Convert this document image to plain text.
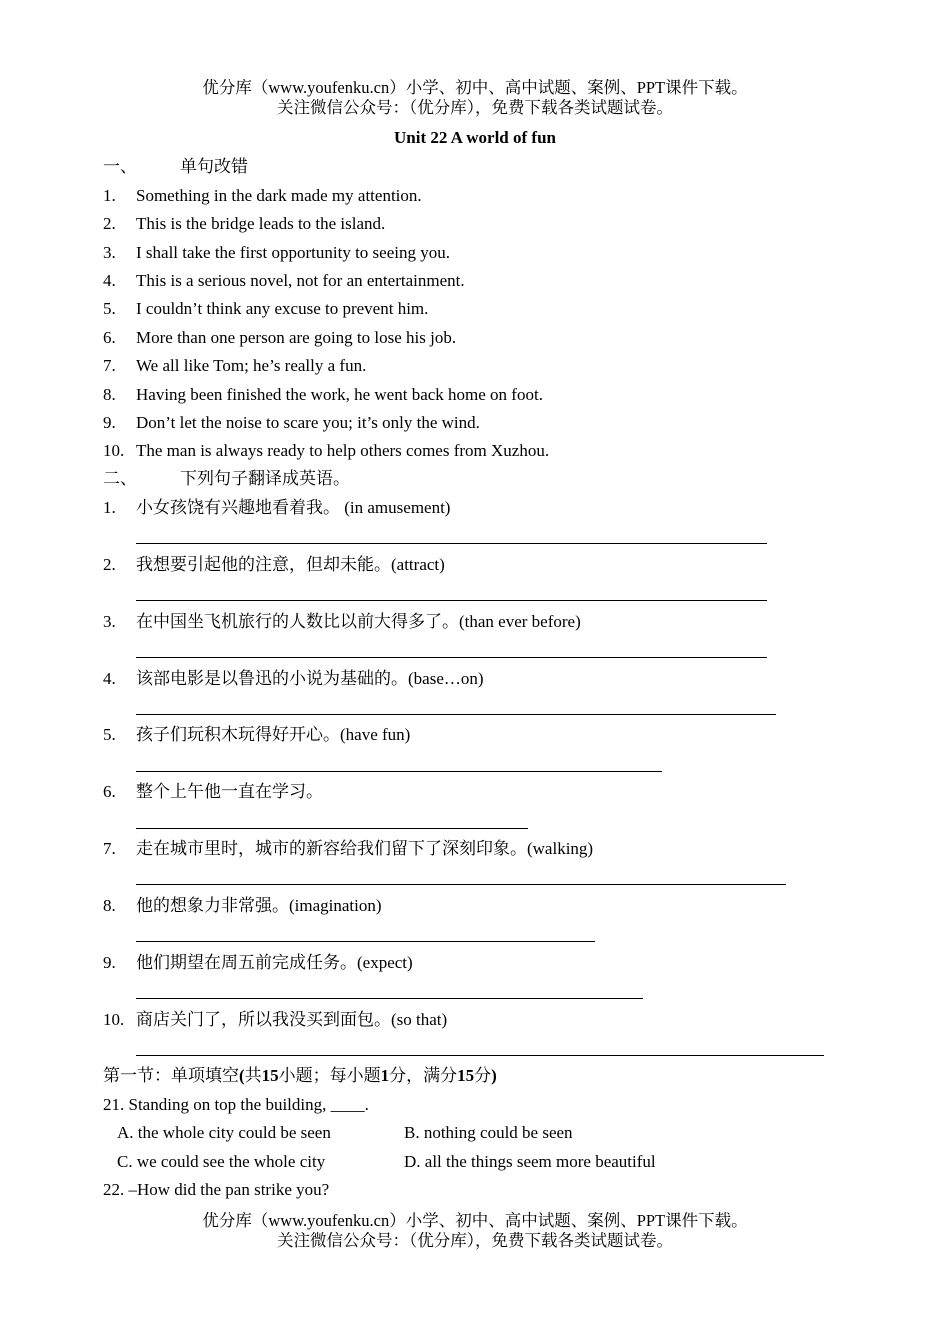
优分库（www.youfenku.cn）小学、初中、高中试题、案例、PPT课件下载。
关注微信公众号：（优分库），免费下载各类试题试卷。
Unit 22 A world of fun
一、	单句改错
1. Something in the dark made my attention.
2. This is the bridge leads to the island.
3. I shall take the first opportunity to seeing you.
4. This is a serious novel, not for an entertainment.
5. I couldn’t think any excuse to prevent him.
6. More than one person are going to lose his job.
7. We all like Tom; he’s really a fun.
8. Having been finished the work, he went back home on foot.
9. Don’t let the noise to scare you; it’s only the wind.
10. The man is always ready to help others comes from Xuzhou.
二、	下列句子翻译成英语。
1. 小女孩饶有兴趣地看着我。 (in amusement)
2. 我想要引起他的注意，但却未能。(attract)
3. 在中国坐飞机旅行的人数比以前大得多了。(than ever before)
4. 该部电影是以鲁迅的小说为基础的。(base…on)
5. 孩子们玩积木玩得好开心。(have fun)
6. 整个上午他一直在学习。
7. 走在城市里时，城市的新容给我们留下了深刻印象。(walking)
8. 他的想象力非常强。(imagination)
9. 他们期望在周五前完成任务。(expect)
10. 商店关门了，所以我没买到面包。(so that)
第一节：单项填空(共15小题；每小题1分，满分15分)
21. Standing on top the building, ____.
A. the whole city could be seen	B. nothing could be seen
C. we could see the whole city	D. all the things seem more beautiful
22. –How did the pan strike you?
优分库（www.youfenku.cn）小学、初中、高中试题、案例、PPT课件下载。
关注微信公众号：（优分库），免费下载各类试题试卷。
